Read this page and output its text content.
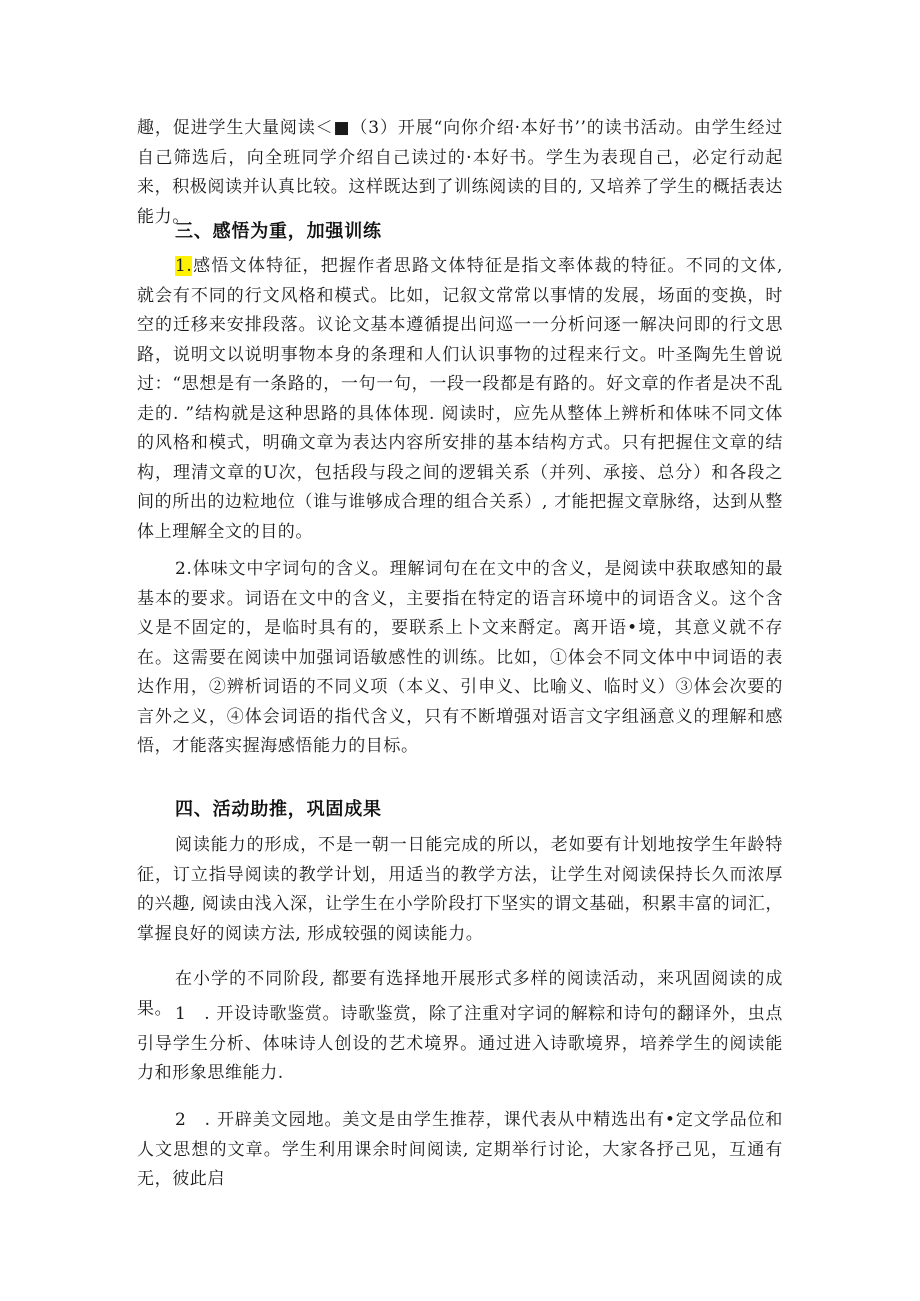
趣，促进学生大量阅读＜■（3）开展“向你介绍·本好书’’的读书活动。由学生经过自己筛选后，向全班同学介绍自己读过的·本好书。学生为表现自己，必定行动起来，积极阅读并认真比较。这样既达到了训练阅读的目的, 又培养了学生的概括表达能力。

三、感悟为重，加强训练

1.感悟文体特征，把握作者思路文体特征是指文率体裁的特征。不同的文体, 就会有不同的行文风格和模式。比如，记叙文常常以事情的发展，场面的变换，时空的迁移来安排段落。议论文基本遵循提出问巡一一分析问逐一解决问即的行文思路，说明文以说明事物本身的条理和人们认识事物的过程来行文。叶圣陶先生曾说过：“思想是有一条路的，一句一句，一段一段都是有路的。好文章的作者是决不乱走的. ”结构就是这种思路的具体体现. 阅读时，应先从整体上辨析和体味不同文体的风格和模式，明确文章为表达内容所安排的基本结构方式。只有把握住文章的结构，理清文章的U次，包括段与段之间的逻辑关系（并列、承接、总分）和各段之间的所出的边粒地位（谁与谁够成合理的组合关系）, 才能把握文章脉络，达到从整体上理解全文的目的。

2.体味文中字词句的含义。理解词句在在文中的含义，是阅读中获取感知的最基本的要求。词语在文中的含义，主要指在特定的语言环境中的词语含义。这个含义是不固定的，是临时具有的，要联系上卜文来酹定。离开语•境，其意义就不存在。这需要在阅读中加强词语敏感性的训练。比如，①体会不同文体中中词语的表达作用，②辨析词语的不同义项（本义、引申义、比喻义、临时义）③体会次要的言外之义，④体会词语的指代含义，只有不断増强对语言文字组涵意义的理解和感悟，才能落实握海感悟能力的目标。

四、活动助推，巩固成果

阅读能力的形成，不是一朝一日能完成的所以，老如要有计划地按学生年龄特征，订立指导阅读的教学计划，用适当的教学方法，让学生对阅读保持长久而浓厚的兴趣, 阅读由浅入深，让学生在小学阶段打下坚实的谓文基础，积累丰富的词汇，掌握良好的阅读方法, 形成较强的阅读能力。

在小学的不同阶段, 都要有选择地开展形式多样的阅读活动，来巩固阅读的成果。 1　. 开设诗歌鉴赏。诗歌鉴赏，除了注重对字词的解粽和诗句的翻译外，虫点引导学生分析、体味诗人创设的艺术境界。通过进入诗歌境界，培养学生的阅读能力和形象思维能力.

2　. 开辟美文园地。美文是由学生推荐，课代表从中精选出有•定文学品位和人文思想的文章。学生利用课余时间阅读, 定期举行讨论，大家各抒己见，互通有无，彼此启
